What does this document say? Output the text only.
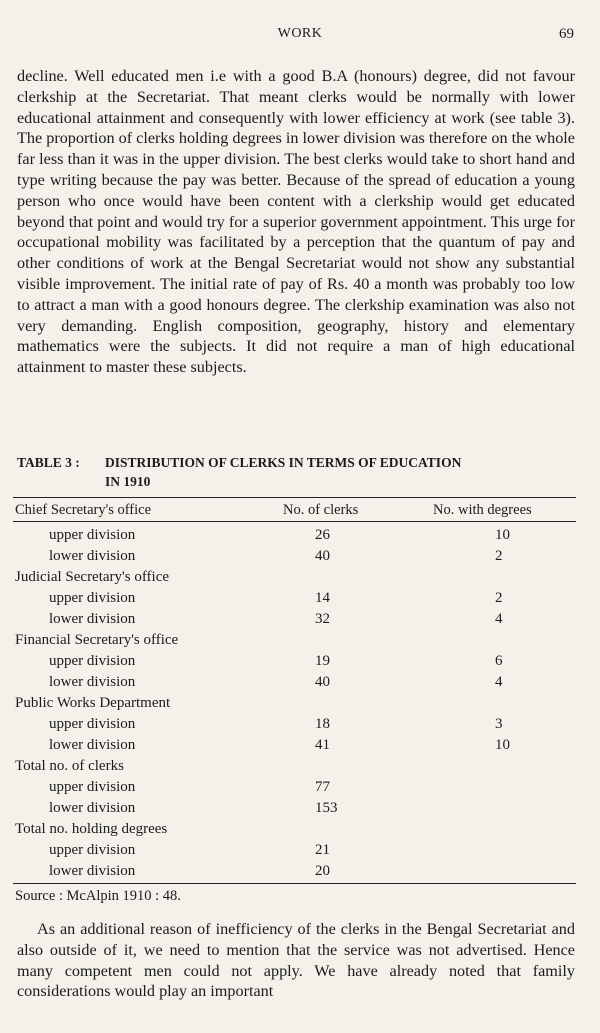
WORK	69

decline. Well educated men i.e with a good B.A (honours) degree, did not favour clerkship at the Secretariat. That meant clerks would be normally with lower educational attainment and consequently with lower efficiency at work (see table 3). The proportion of clerks holding degrees in lower division was therefore on the whole far less than it was in the upper division. The best clerks would take to short hand and type writing because the pay was better. Because of the spread of education a young person who once would have been content with a clerkship would get educated beyond that point and would try for a superior government appointment. This urge for occupational mobility was facilitated by a perception that the quantum of pay and other conditions of work at the Bengal Secretariat would not show any substantial visible improvement. The initial rate of pay of Rs. 40 a month was probably too low to attract a man with a good honours degree. The clerkship examination was also not very demanding. English composition, geography, history and elementary mathematics were the subjects. It did not require a man of high educational attainment to master these subjects.

TABLE 3 : DISTRIBUTION OF CLERKS IN TERMS OF EDUCATION
IN 1910
Chief Secretary's office	No. of clerks	No. with degrees
upper division	26	10
lower division	40	2
Judicial Secretary's office
upper division	14	2
lower division	32	4
Financial Secretary's office
upper division	19	6
lower division	40	4
Public Works Department
upper division	18	3
lower division	41	10
Total no. of clerks
upper division	77
lower division	153
Total no. holding degrees
upper division	21
lower division	20
Source : McAlpin 1910 : 48.

As an additional reason of inefficiency of the clerks in the Bengal Secretariat and also outside of it, we need to mention that the service was not advertised. Hence many competent men could not apply. We have already noted that family considerations would play an important
